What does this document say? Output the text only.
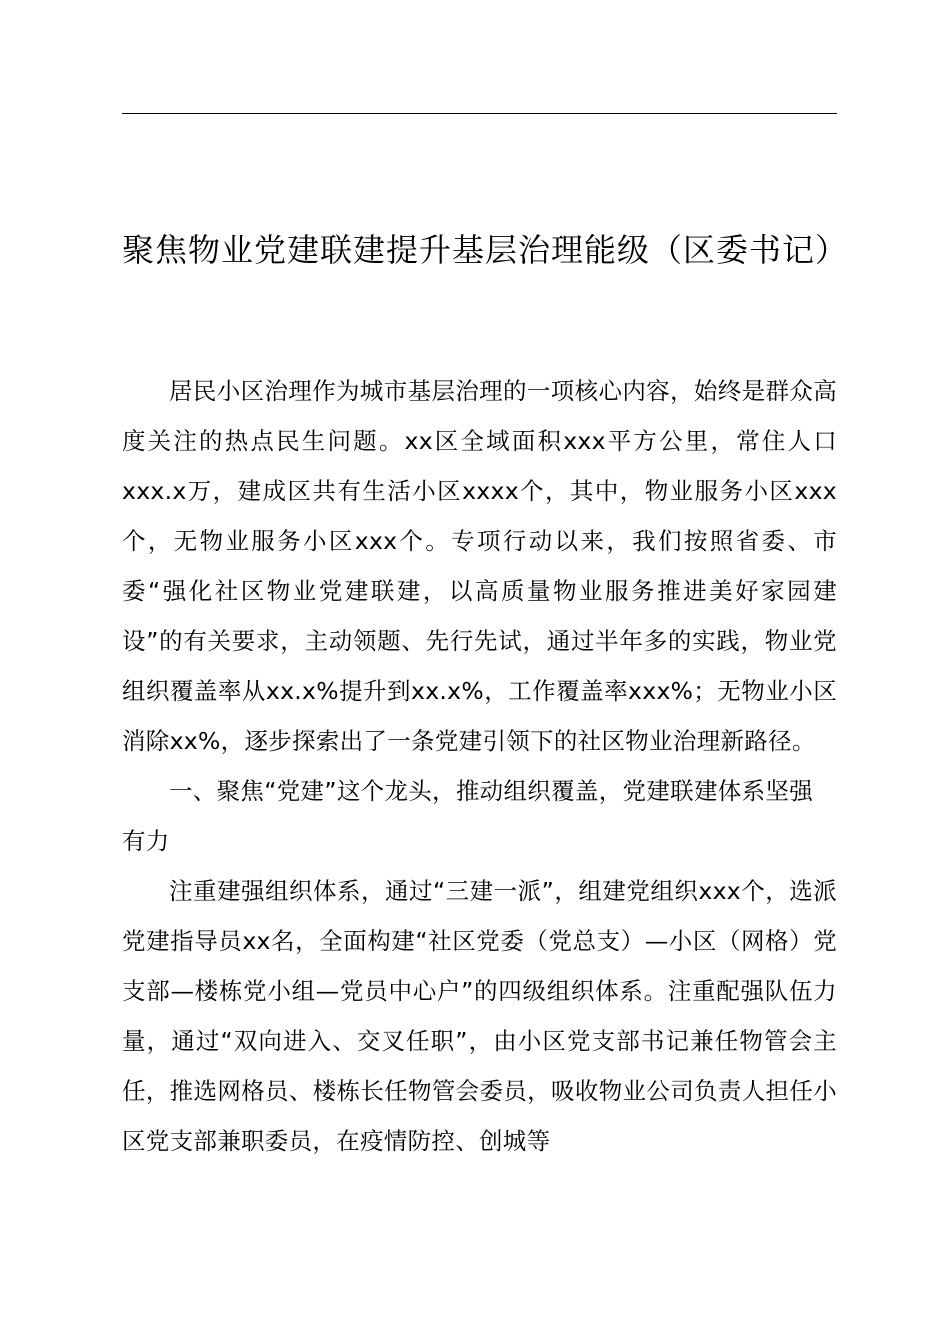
聚焦物业党建联建提升基层治理能级（区委书记）

居民小区治理作为城市基层治理的一项核心内容，始终是群众高度关注的热点民生问题。xx区全域面积xxx平方公里，常住人口xxx.x万，建成区共有生活小区xxxx个，其中，物业服务小区xxx个，无物业服务小区xxx个。专项行动以来，我们按照省委、市委“强化社区物业党建联建，以高质量物业服务推进美好家园建设”的有关要求，主动领题、先行先试，通过半年多的实践，物业党组织覆盖率从xx.x%提升到xx.x%，工作覆盖率xxx%；无物业小区消除xx%，逐步探索出了一条党建引领下的社区物业治理新路径。

一、聚焦“党建”这个龙头，推动组织覆盖，党建联建体系坚强有力

注重建强组织体系，通过“三建一派”，组建党组织xxx个，选派党建指导员xx名，全面构建“社区党委（党总支）—小区（网格）党支部—楼栋党小组—党员中心户”的四级组织体系。注重配强队伍力量，通过“双向进入、交叉任职”，由小区党支部书记兼任物管会主任，推选网格员、楼栋长任物管会委员，吸收物业公司负责人担任小区党支部兼职委员，在疫情防控、创城等
